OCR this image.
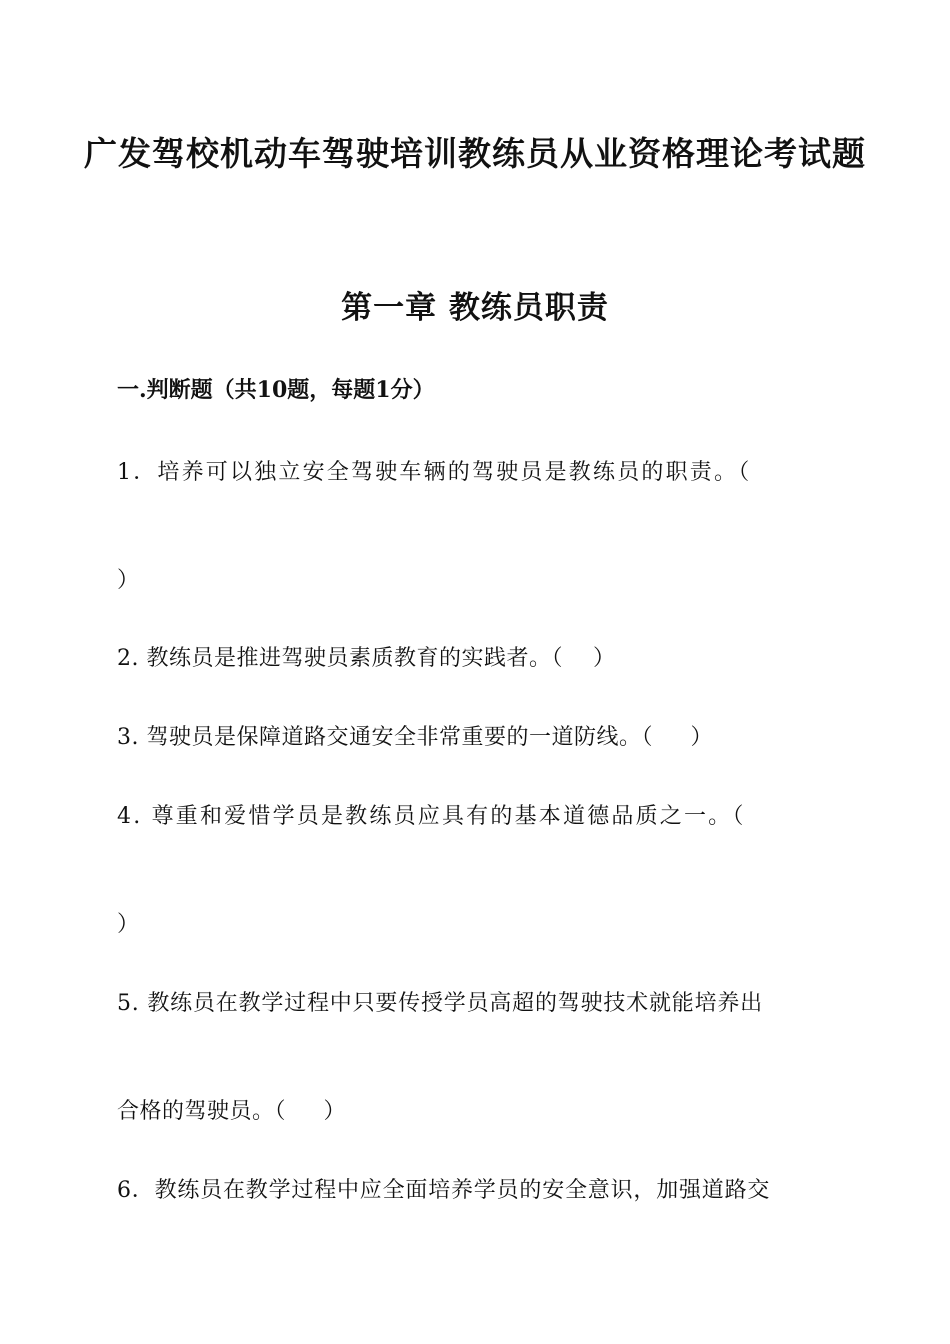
广发驾校机动车驾驶培训教练员从业资格理论考试题
第一章 教练员职责
一.判断题（共10题，每题1分）
1．培养可以独立安全驾驶车辆的驾驶员是教练员的职责。（
）
2. 教练员是推进驾驶员素质教育的实践者。（    ）
3. 驾驶员是保障道路交通安全非常重要的一道防线。（     ）
4. 尊重和爱惜学员是教练员应具有的基本道德品质之一。（
）
5. 教练员在教学过程中只要传授学员高超的驾驶技术就能培养出
合格的驾驶员。（     ）
6．教练员在教学过程中应全面培养学员的安全意识，加强道路交
